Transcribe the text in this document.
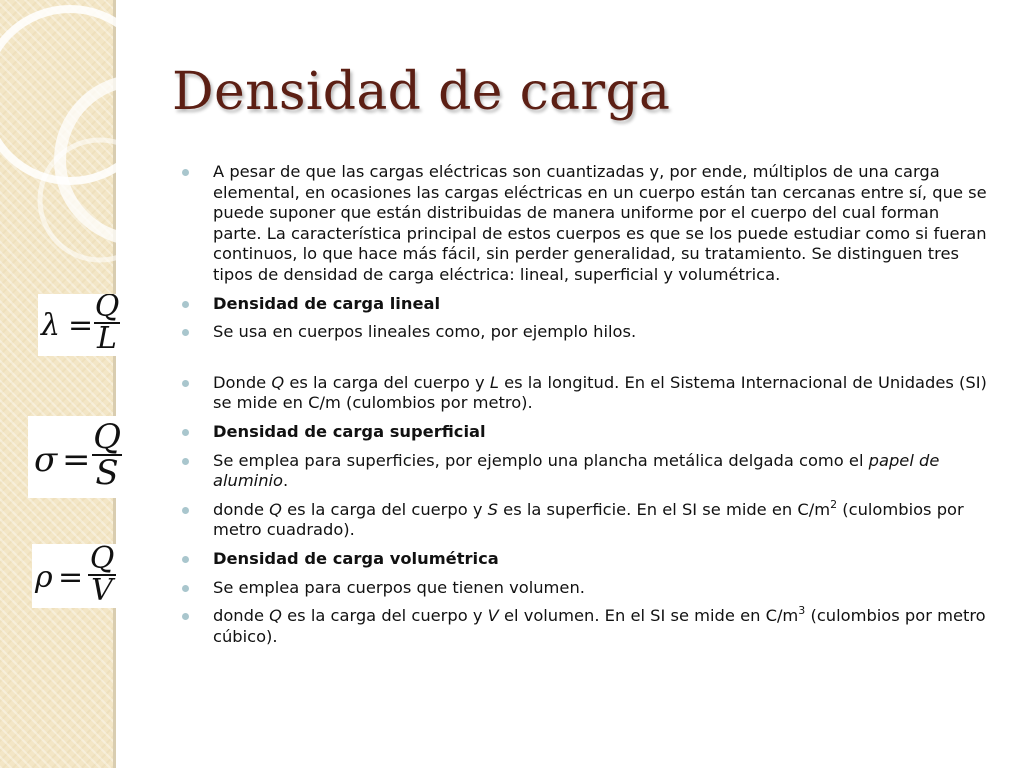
Densidad de carga
A pesar de que las cargas eléctricas son cuantizadas y, por ende, múltiplos de una carga elemental, en ocasiones las cargas eléctricas en un cuerpo están tan cercanas entre sí, que se puede suponer que están distribuidas de manera uniforme por el cuerpo del cual forman parte. La característica principal de estos cuerpos es que se los puede estudiar como si fueran continuos, lo que hace más fácil, sin perder generalidad, su tratamiento. Se distinguen tres tipos de densidad de carga eléctrica: lineal, superficial y volumétrica.
Densidad de carga lineal
Se usa en cuerpos lineales como, por ejemplo hilos.
Donde Q es la carga del cuerpo y L es la longitud. En el Sistema Internacional de Unidades (SI) se mide en C/m (culombios por metro).
Densidad de carga superficial
Se emplea para superficies, por ejemplo una plancha metálica delgada como el papel de aluminio.
donde Q es la carga del cuerpo y S es la superficie. En el SI se mide en $C/m^2$ (culombios por metro cuadrado).
Densidad de carga volumétrica
Se emplea para cuerpos que tienen volumen.
donde Q es la carga del cuerpo y V el volumen. En el SI se mide en $C/m^3$ (culombios por metro cúbico).
λ =
Q
L
σ =
Q
S
ρ =
Q
V
